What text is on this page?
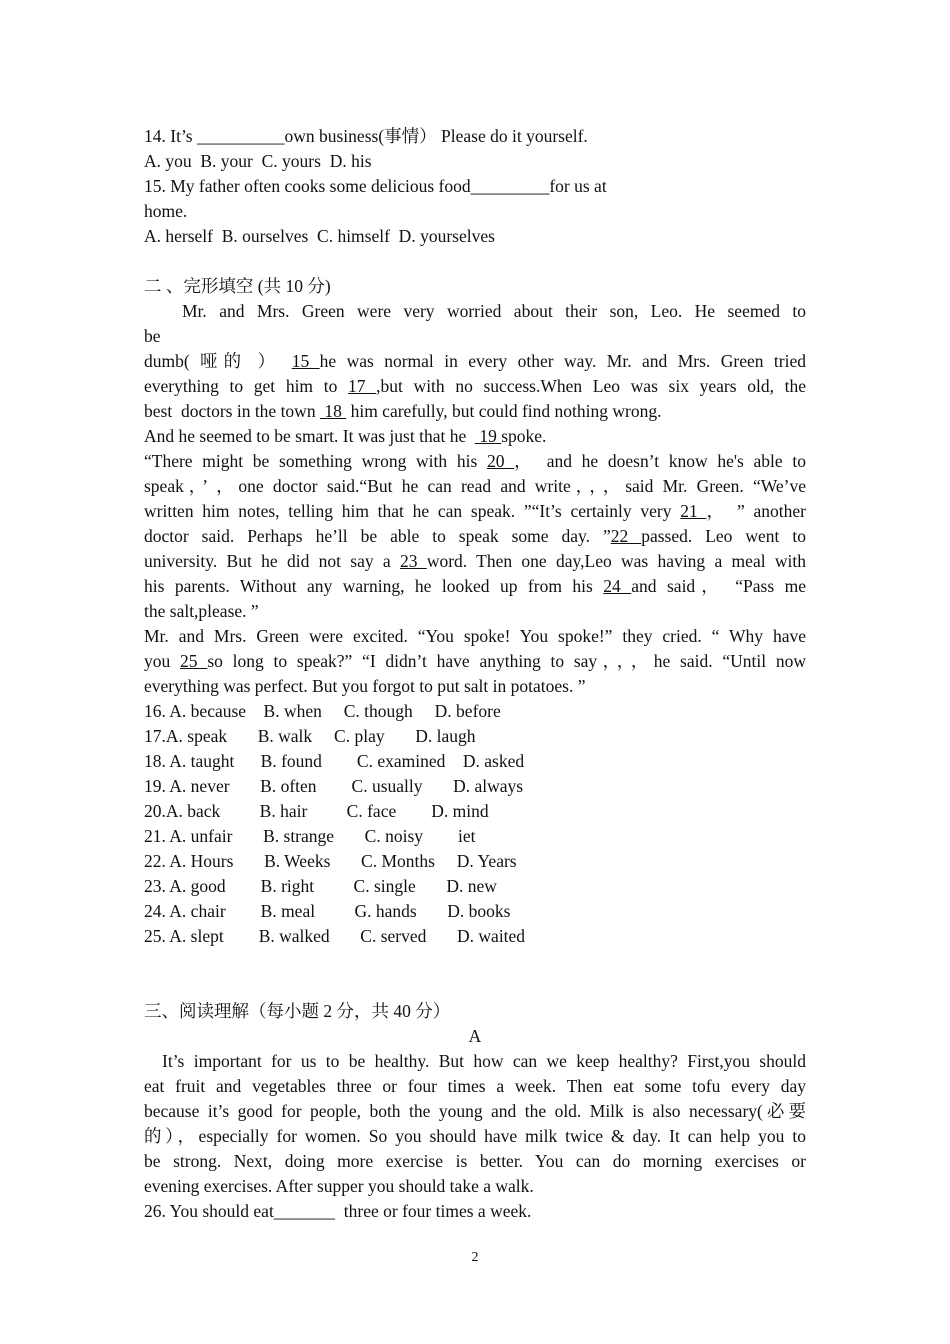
14. It’s __________own business(事情） Please do it yourself.
A. you  B. your  C. yours  D. his
15. My father often cooks some delicious food_________for us at
home.
A. herself  B. ourselves  C. himself  D. yourselves
二 、完形填空 (共 10 分)
Mr. and Mrs. Green were very worried about their son, Leo. He seemed to
be
dumb( 哑的 ） 15 he was normal in every other way. Mr. and Mrs. Green tried
everything to get him to 17 ,but with no success.When Leo was six years old, the
best  doctors in the town  18  him carefully, but could find nothing wrong.
And he seemed to be smart. It was just that he   19 spoke.
“There might be something wrong with his 20 ， and he doesn’t know he's able to
speak，’ ，one doctor said.“But he can read and write，，，said Mr. Green. “We’ve
written him notes, telling him that he can speak. ”“It’s certainly very 21 ， ” another
doctor said. Perhaps he’ll be able to speak some day. ”22 passed. Leo went to
university. But he did not say a 23 word. Then one day,Leo was having a meal with
his parents. Without any warning, he looked up from his 24 and said， “Pass me
the salt,please. ”
Mr. and Mrs. Green were excited. “You spoke! You spoke!” they cried. “ Why have
you 25 so long to speak?” “I didn’t have anything to say，，，he said. “Until now
everything was perfect. But you forgot to put salt in potatoes. ”
16. A. because    B. when     C. though     D. before
17.A. speak       B. walk     C. play       D. laugh
18. A. taught      B. found        C. examined    D. asked
19. A. never       B. often        C. usually       D. always
20.A. back         B. hair         C. face        D. mind
21. A. unfair       B. strange       C. noisy        iet
22. A. Hours       B. Weeks       C. Months     D. Years
23. A. good        B. right         C. single       D. new
24. A. chair        B. meal         G. hands       D. books
25. A. slept        B. walked       C. served       D. waited
三、阅读理解（每小题 2 分，共 40 分）
A
It’s important for us to be healthy. But how can we keep healthy? First,you should
eat fruit and vegetables three or four times a week. Then eat some tofu every day
because it’s good for people, both the young and the old. Milk is also necessary(必要
的），especially for women. So you should have milk twice & day. It can help you to
be strong. Next, doing more exercise is better. You can do morning exercises or
evening exercises. After supper you should take a walk.
26. You should eat_______  three or four times a week.
2
